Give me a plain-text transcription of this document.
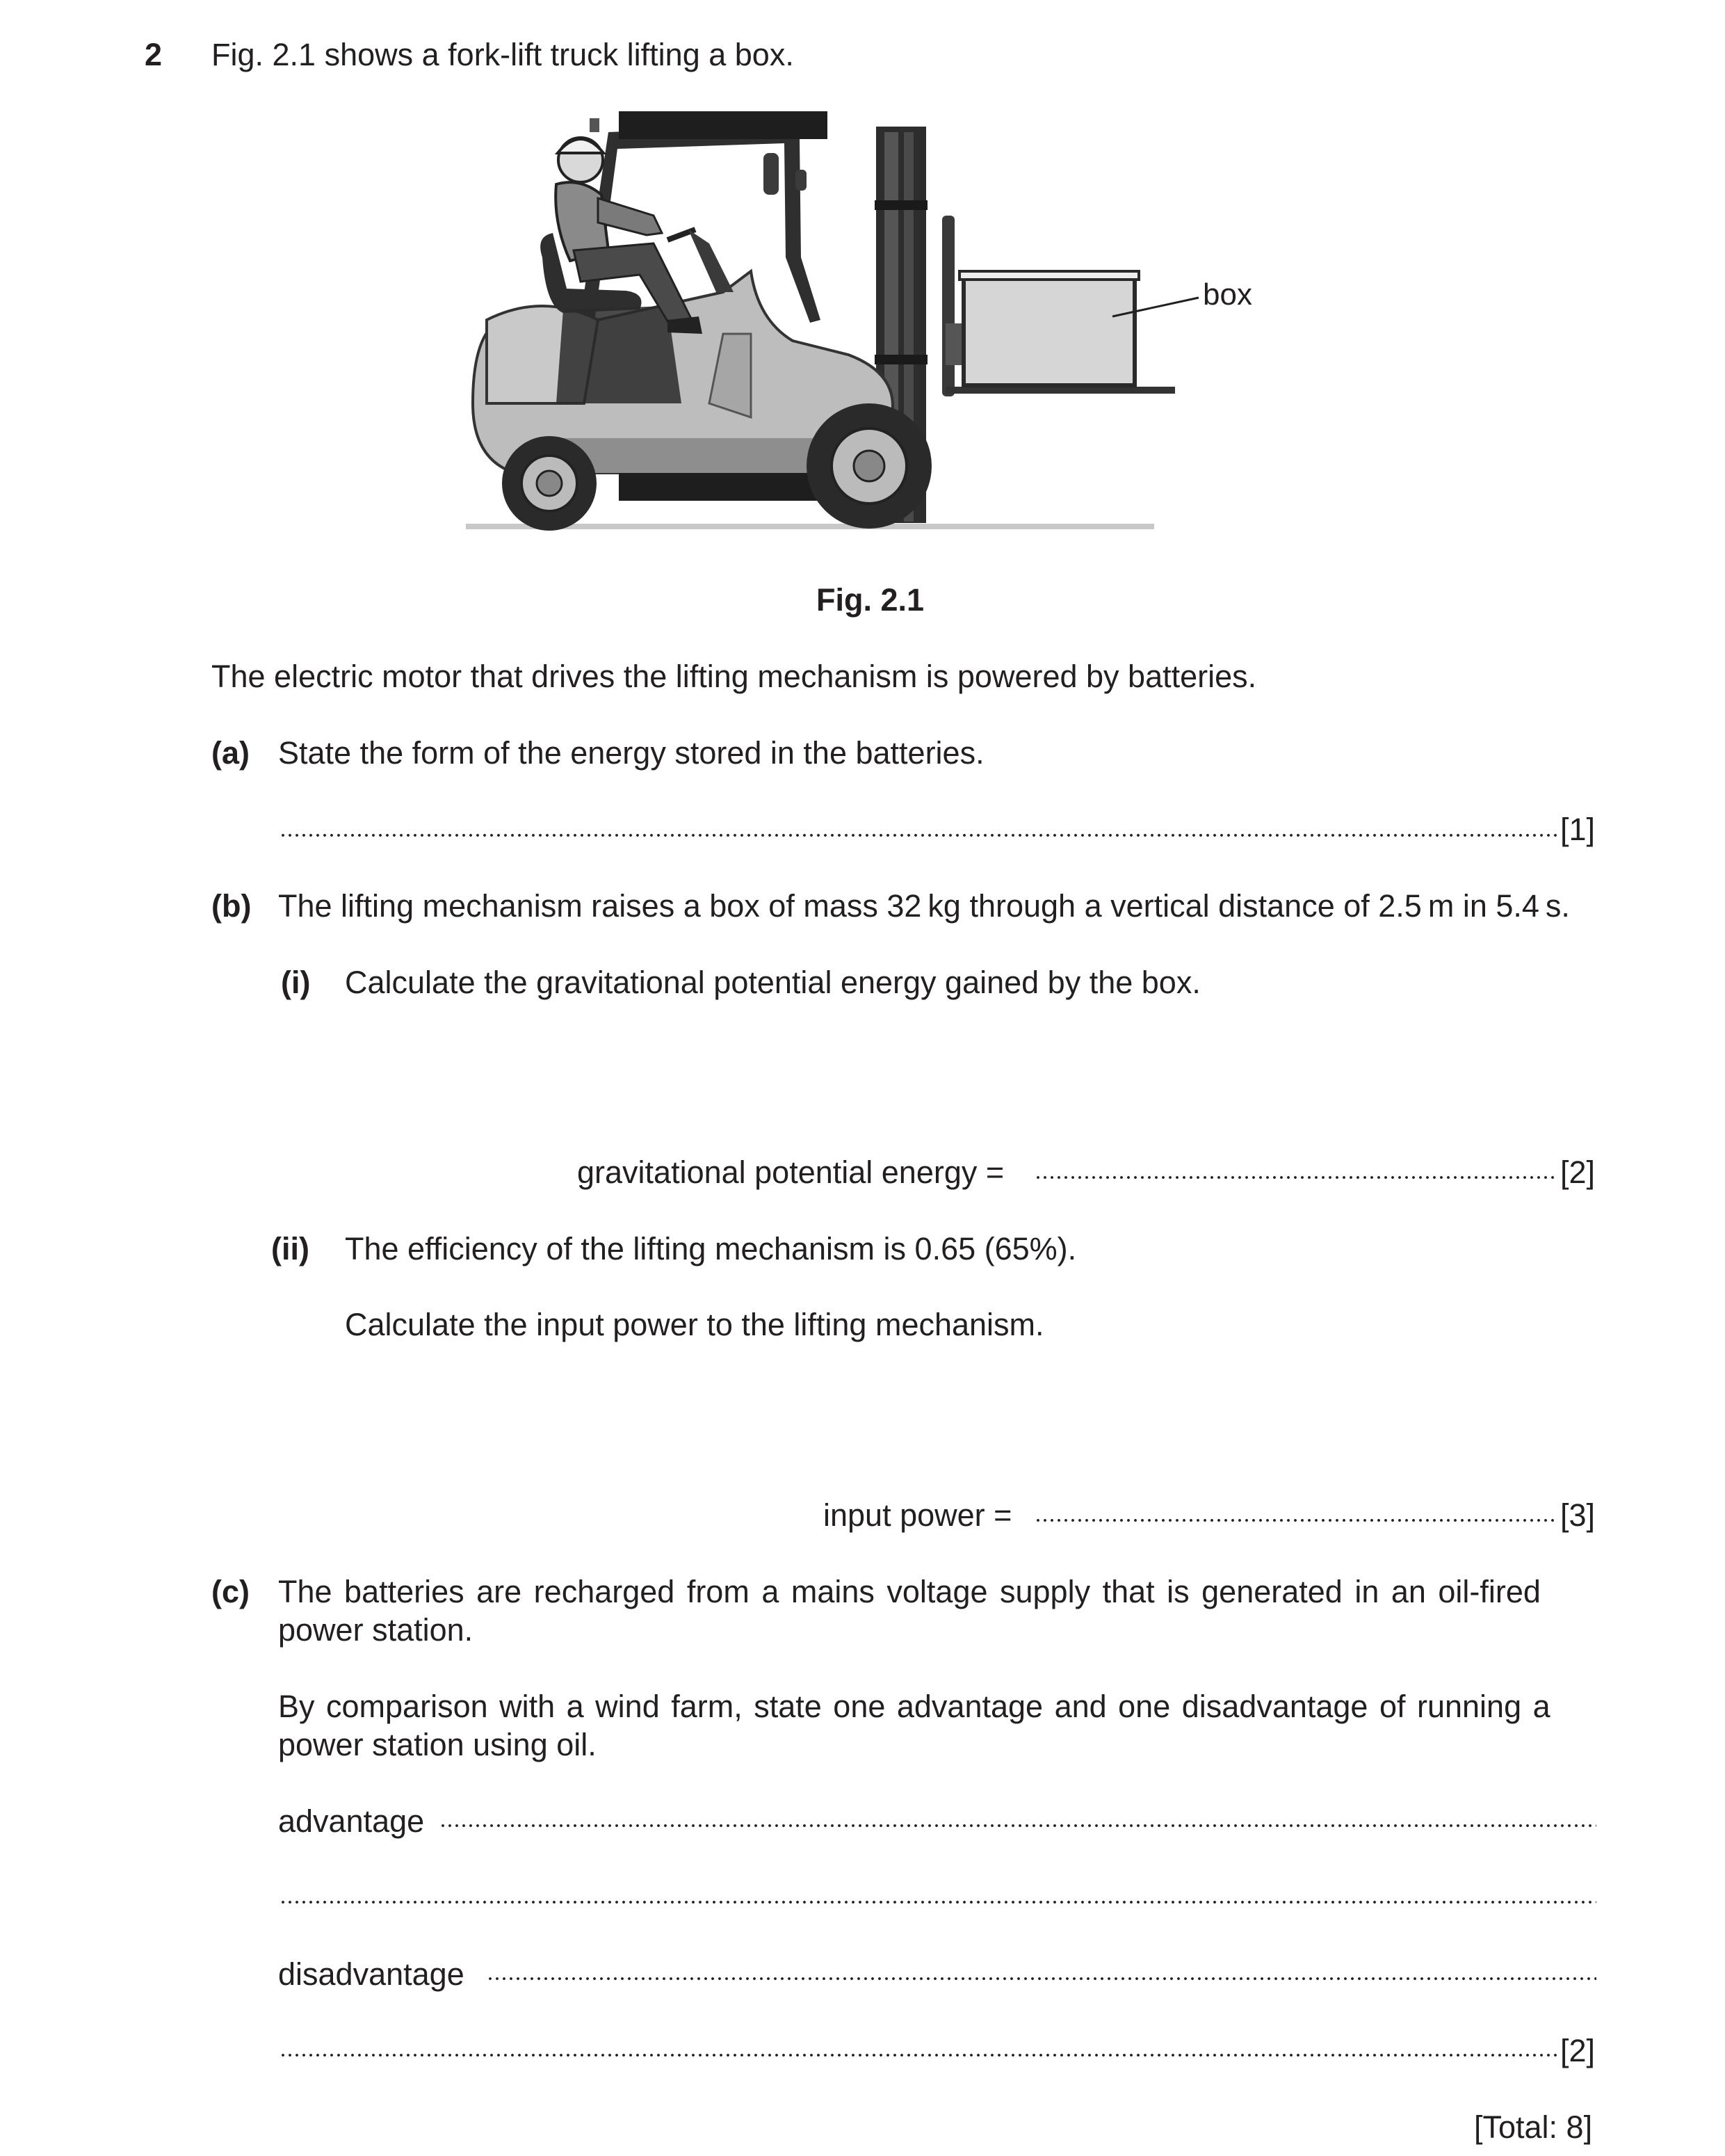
2 Fig. 2.1 shows a fork-lift truck lifting a box.
box
Fig. 2.1
The electric motor that drives the lifting mechanism is powered by batteries.
(a) State the form of the energy stored in the batteries.
[1]
(b) The lifting mechanism raises a box of mass 32 kg through a vertical distance of 2.5 m in 5.4 s.
(i) Calculate the gravitational potential energy gained by the box.
gravitational potential energy =	[2]
(ii) The efficiency of the lifting mechanism is 0.65 (65%).
Calculate the input power to the lifting mechanism.
input power =	[3]
(c) The batteries are recharged from a mains voltage supply that is generated in an oil-fired
power station.
By comparison with a wind farm, state one advantage and one disadvantage of running a
power station using oil.
advantage
disadvantage
[2]
[Total: 8]
